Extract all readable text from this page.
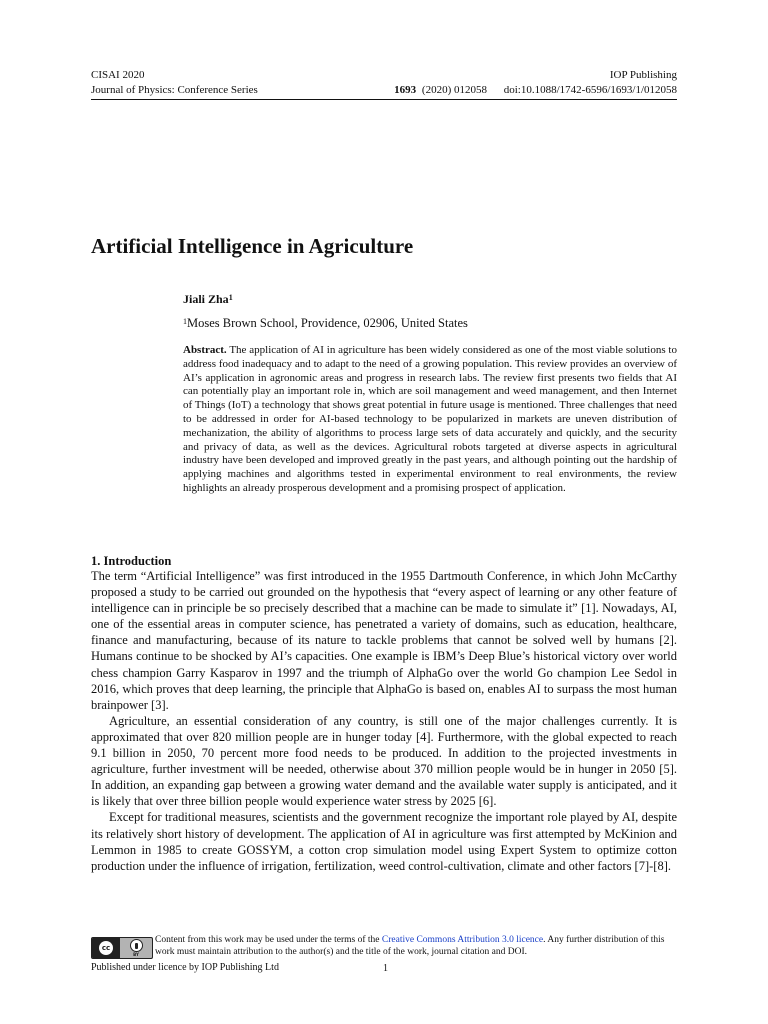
CISAI 2020	IOP Publishing
Journal of Physics: Conference Series	1693 (2020) 012058 doi:10.1088/1742-6596/1693/1/012058
Artificial Intelligence in Agriculture
Jiali Zha$^1$
$^1$Moses Brown School, Providence, 02906, United States

Abstract. The application of AI in agriculture has been widely considered as one of the most viable solutions to address food inadequacy and to adapt to the need of a growing population. This review provides an overview of AI’s application in agronomic areas and progress in research labs. The review first presents two fields that AI can potentially play an important role in, which are soil management and weed management, and then Internet of Things (IoT) a technology that shows great potential in future usage is mentioned. Three challenges that need to be addressed in order for AI-based technology to be popularized in markets are uneven distribution of mechanization, the ability of algorithms to process large sets of data accurately and quickly, and the security and privacy of data, as well as the devices. Agricultural robots targeted at diverse aspects in agricultural industry have been developed and improved greatly in the past years, and although pointing out the hardship of applying machines and algorithms tested in experimental environment to real environments, the review highlights an already prosperous development and a promising prospect of application.

1. Introduction

The term “Artificial Intelligence” was first introduced in the 1955 Dartmouth Conference, in which John McCarthy proposed a study to be carried out grounded on the hypothesis that “every aspect of learning or any other feature of intelligence can in principle be so precisely described that a machine can be made to simulate it” [1]. Nowadays, AI, one of the essential areas in computer science, has penetrated a variety of domains, such as education, healthcare, finance and manufacturing, because of its nature to tackle problems that cannot be solved well by humans [2]. Humans continue to be shocked by AI’s capacities. One example is IBM’s Deep Blue’s historical victory over world chess champion Garry Kasparov in 1997 and the triumph of AlphaGo over the world Go champion Lee Sedol in 2016, which proves that deep learning, the principle that AlphaGo is based on, enables AI to surpass the most human brainpower [3].

Agriculture, an essential consideration of any country, is still one of the major challenges currently. It is approximated that over 820 million people are in hunger today [4]. Furthermore, with the global expected to reach 9.1 billion in 2050, 70 percent more food needs to be produced. In addition to the projected investments in agriculture, further investment will be needed, otherwise about 370 million people would be in hunger in 2050 [5]. In addition, an expanding gap between a growing water demand and the available water supply is anticipated, and it is likely that over three billion people would experience water stress by 2025 [6].

Except for traditional measures, scientists and the government recognize the important role played by AI, despite its relatively short history of development. The application of AI in agriculture was first attempted by McKinion and Lemmon in 1985 to create GOSSYM, a cotton crop simulation model using Expert System to optimize cotton production under the influence of irrigation, fertilization, weed control-cultivation, climate and other factors [7]-[8].

cc
BY
Content from this work may be used under the terms of the Creative Commons Attribution 3.0 licence. Any further distribution of this work must maintain attribution to the author(s) and the title of the work, journal citation and DOI.
Published under licence by IOP Publishing Ltd	1
